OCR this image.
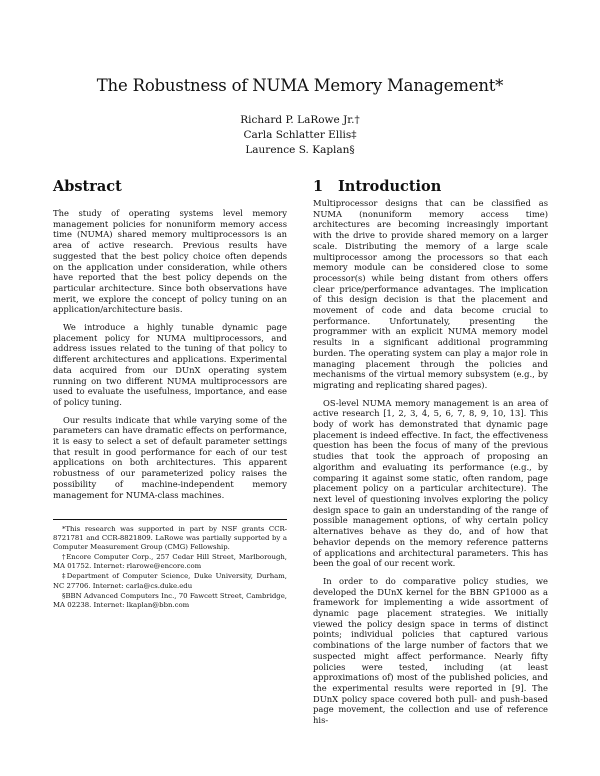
The Robustness of NUMA Memory Management*
Richard P. LaRowe Jr.†
Carla Schlatter Ellis‡
Laurence S. Kaplan§
Abstract	1 Introduction

The study of operating systems level memory management policies for nonuniform memory access time (NUMA) shared memory multiprocessors is an area of active research. Previous results have suggested that the best policy choice often depends on the application under consideration, while others have reported that the best policy depends on the particular architecture. Since both observations have merit, we explore the concept of policy tuning on an application/architecture basis.

We introduce a highly tunable dynamic page placement policy for NUMA multiprocessors, and address issues related to the tuning of that policy to different architectures and applications. Experimental data acquired from our DUnX operating system running on two different NUMA multiprocessors are used to evaluate the usefulness, importance, and ease of policy tuning.

Our results indicate that while varying some of the parameters can have dramatic effects on performance, it is easy to select a set of default parameter settings that result in good performance for each of our test applications on both architectures. This apparent robustness of our parameterized policy raises the possibility of machine-independent memory management for NUMA-class machines.

*This research was supported in part by NSF grants CCR-8721781 and CCR-8821809. LaRowe was partially supported by a Computer Measurement Group (CMG) Fellowship.

†Encore Computer Corp., 257 Cedar Hill Street, Marlborough, MA 01752. Internet: rlarowe@encore.com

‡Department of Computer Science, Duke University, Durham, NC 27706. Internet: carla@cs.duke.edu

§BBN Advanced Computers Inc., 70 Fawcett Street, Cambridge, MA 02238. Internet: lkaplan@bbn.com

Multiprocessor designs that can be classified as NUMA (nonuniform memory access time) architectures are becoming increasingly important with the drive to provide shared memory on a larger scale. Distributing the memory of a large scale multiprocessor among the processors so that each memory module can be considered close to some processor(s) while being distant from others offers clear price/performance advantages. The implication of this design decision is that the placement and movement of code and data become crucial to performance. Unfortunately, presenting the programmer with an explicit NUMA memory model results in a significant additional programming burden. The operating system can play a major role in managing placement through the policies and mechanisms of the virtual memory subsystem (e.g., by migrating and replicating shared pages).

OS-level NUMA memory management is an area of active research [1, 2, 3, 4, 5, 6, 7, 8, 9, 10, 13]. This body of work has demonstrated that dynamic page placement is indeed effective. In fact, the effectiveness question has been the focus of many of the previous studies that took the approach of proposing an algorithm and evaluating its performance (e.g., by comparing it against some static, often random, page placement policy on a particular architecture). The next level of questioning involves exploring the policy design space to gain an understanding of the range of possible management options, of why certain policy alternatives behave as they do, and of how that behavior depends on the memory reference patterns of applications and architectural parameters. This has been the goal of our recent work.

In order to do comparative policy studies, we developed the DUnX kernel for the BBN GP1000 as a framework for implementing a wide assortment of dynamic page placement strategies. We initially viewed the policy design space in terms of distinct points; individual policies that captured various combinations of the large number of factors that we suspected might affect performance. Nearly fifty policies were tested, including (at least approximations of) most of the published policies, and the experimental results were reported in [9]. The DUnX policy space covered both pull- and push-based page movement, the collection and use of reference his-
